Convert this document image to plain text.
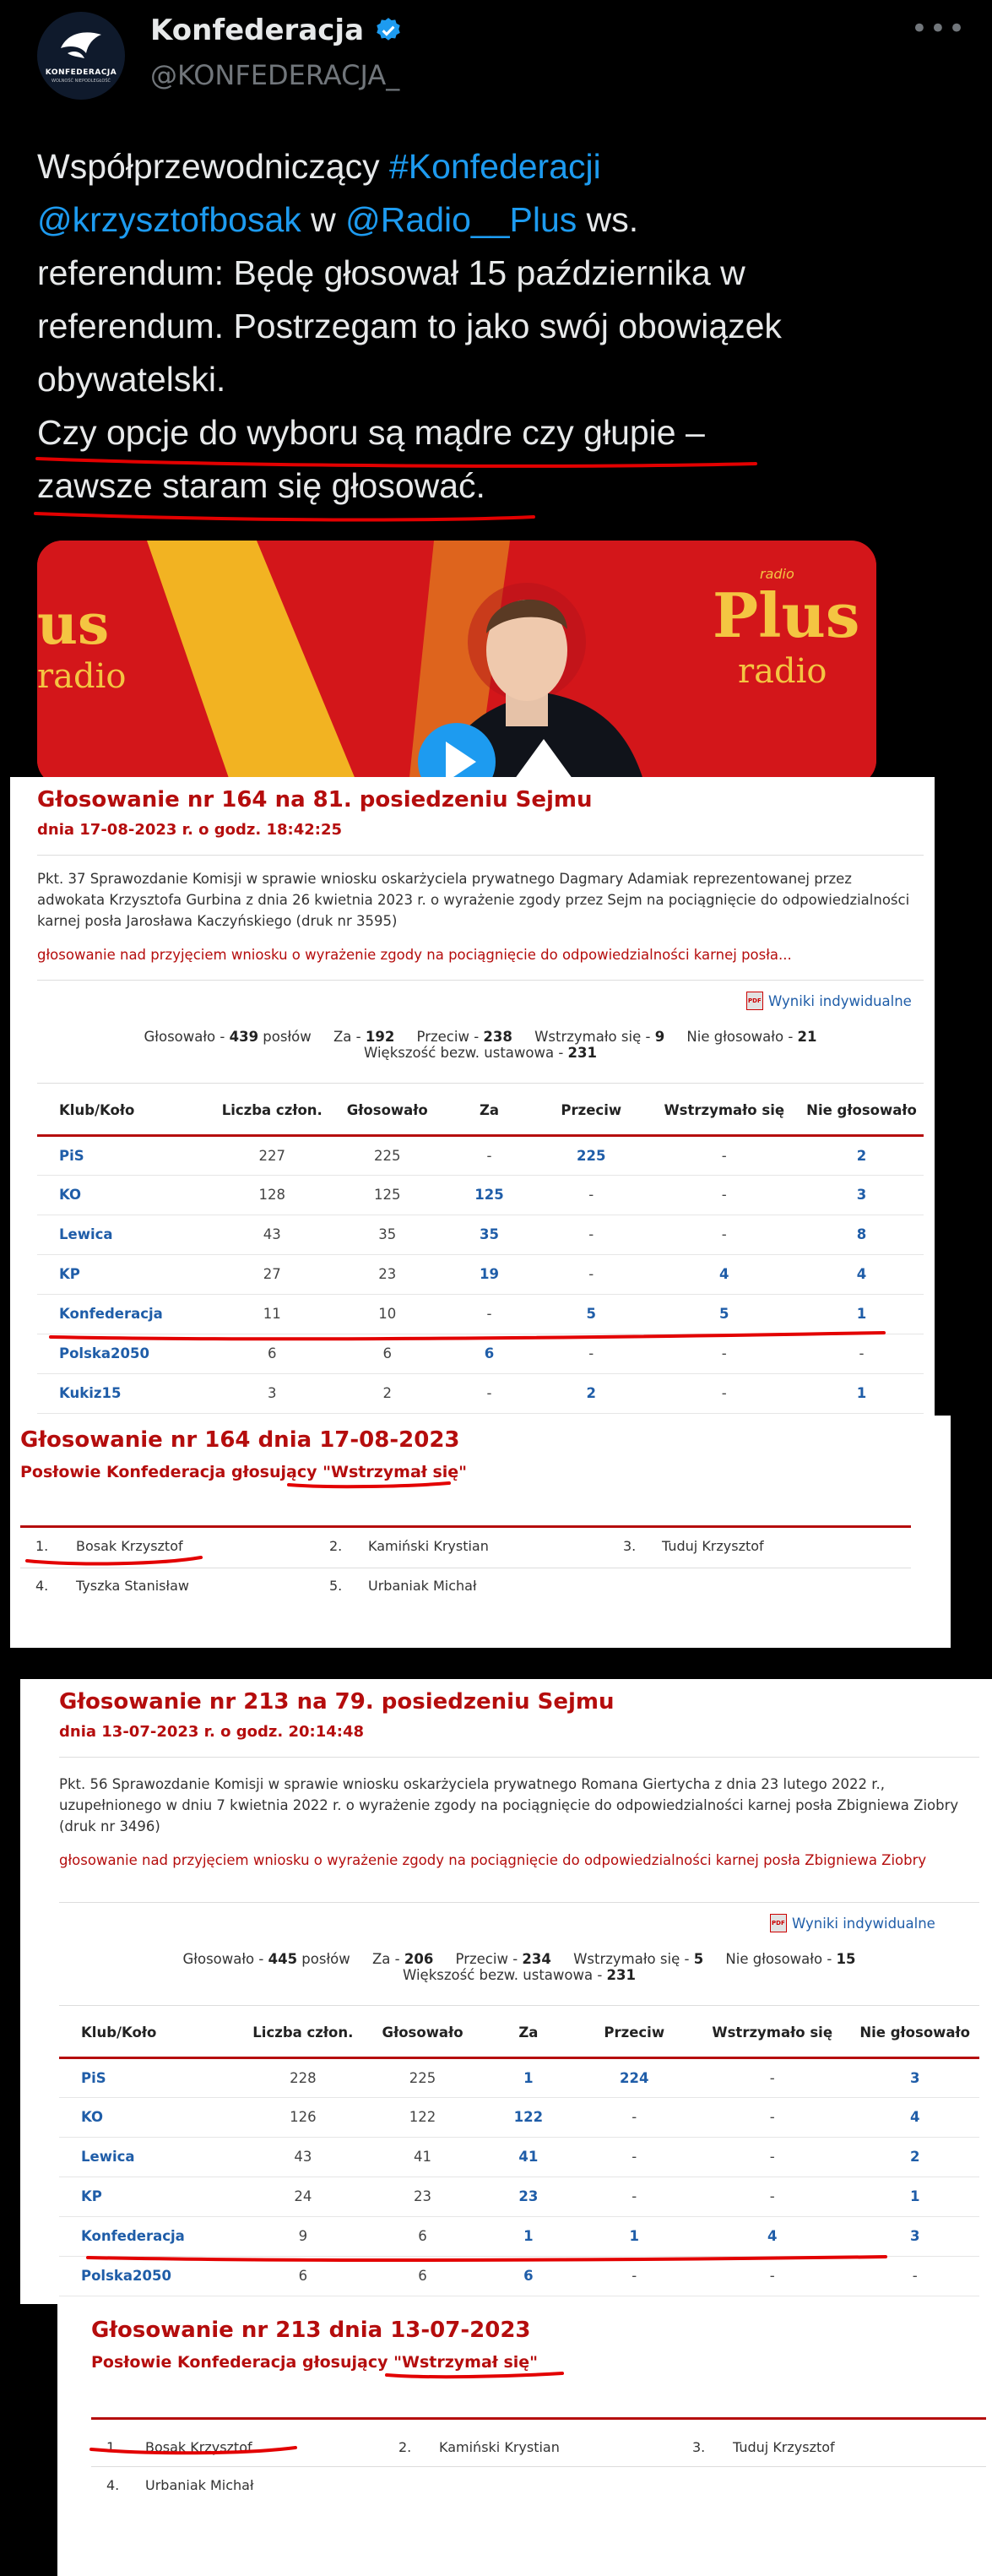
KONFEDERACJA
WOLNOŚĆ NIEPODLEGŁOŚĆ
Konfederacja
@KONFEDERACJA_
•••
Współprzewodniczący #Konfederacji
@krzysztofbosak w @Radio__Plus ws.
referendum: Będę głosował 15 października w
referendum. Postrzegam to jako swój obowiązek
obywatelski.
Czy opcje do wyboru są mądre czy głupie –
zawsze staram się głosować.
us
radio
radio
Plus
radio
Głosowanie nr 164 na 81. posiedzeniu Sejmu
dnia 17-08-2023 r. o godz. 18:42:25
Pkt. 37 Sprawozdanie Komisji w sprawie wniosku oskarżyciela prywatnego Dagmary Adamiak reprezentowanej przez adwokata Krzysztofa Gurbina z dnia 26 kwietnia 2023 r. o wyrażenie zgody przez Sejm na pociągnięcie do odpowiedzialności karnej posła Jarosława Kaczyńskiego (druk nr 3595)
głosowanie nad przyjęciem wniosku o wyrażenie zgody na pociągnięcie do odpowiedzialności karnej posła...
PDF
Wyniki indywidualne
Głosowało - 439 posłów Za - 192 Przeciw - 238 Wstrzymało się - 9 Nie głosowało - 21
Większość bezw. ustawowa - 231
Klub/Koło	Liczba człon.	Głosowało	Za	Przeciw	Wstrzymało się	Nie głosowało
PiS	227	225	-	225	-	2
KO	128	125	125	-	-	3
Lewica	43	35	35	-	-	8
KP	27	23	19	-	4	4
Konfederacja	11	10	-	5	5	1
Polska2050	6	6	6	-	-	-
Kukiz15	3	2	-	2	-	1
Głosowanie nr 164 dnia 17-08-2023
Posłowie Konfederacja głosujący "Wstrzymał się"
1. Bosak Krzysztof	2. Kamiński Krystian	3. Tuduj Krzysztof
4. Tyszka Stanisław	5. Urbaniak Michał
Głosowanie nr 213 na 79. posiedzeniu Sejmu
dnia 13-07-2023 r. o godz. 20:14:48
Pkt. 56 Sprawozdanie Komisji w sprawie wniosku oskarżyciela prywatnego Romana Giertycha z dnia 23 lutego 2022 r., uzupełnionego w dniu 7 kwietnia 2022 r. o wyrażenie zgody na pociągnięcie do odpowiedzialności karnej posła Zbigniewa Ziobry (druk nr 3496)
głosowanie nad przyjęciem wniosku o wyrażenie zgody na pociągnięcie do odpowiedzialności karnej posła Zbigniewa Ziobry
PDF
Wyniki indywidualne
Głosowało - 445 posłów Za - 206 Przeciw - 234 Wstrzymało się - 5 Nie głosowało - 15
Większość bezw. ustawowa - 231
Klub/Koło	Liczba człon.	Głosowało	Za	Przeciw	Wstrzymało się	Nie głosowało
PiS	228	225	1	224	-	3
KO	126	122	122	-	-	4
Lewica	43	41	41	-	-	2
KP	24	23	23	-	-	1
Konfederacja	9	6	1	1	4	3
Polska2050	6	6	6	-	-	-
Głosowanie nr 213 dnia 13-07-2023
Posłowie Konfederacja głosujący "Wstrzymał się"
1. Bosak Krzysztof	2. Kamiński Krystian	3. Tuduj Krzysztof
4. Urbaniak Michał
